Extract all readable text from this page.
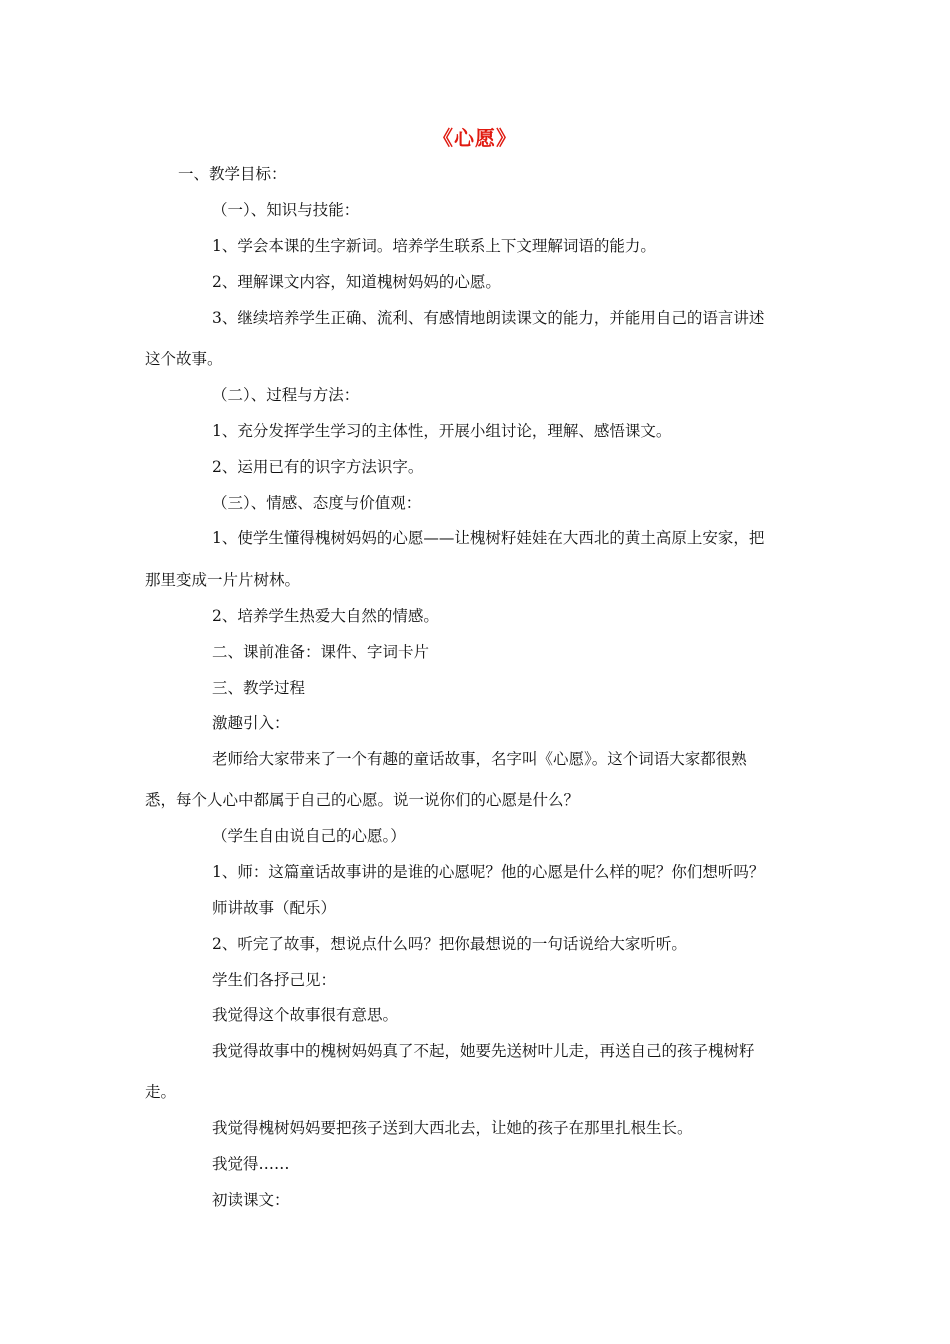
《心愿》
一、教学目标：
（一）、知识与技能：
1、学会本课的生字新词。培养学生联系上下文理解词语的能力。
2、理解课文内容，知道槐树妈妈的心愿。
3、继续培养学生正确、流利、有感情地朗读课文的能力，并能用自己的语言讲述
这个故事。
（二）、过程与方法：
1、充分发挥学生学习的主体性，开展小组讨论，理解、感悟课文。
2、运用已有的识字方法识字。
（三）、情感、态度与价值观：
1、使学生懂得槐树妈妈的心愿——让槐树籽娃娃在大西北的黄土高原上安家，把
那里变成一片片树林。
2、培养学生热爱大自然的情感。
二、课前准备：课件、字词卡片
三、教学过程
激趣引入：
老师给大家带来了一个有趣的童话故事，名字叫《心愿》。这个词语大家都很熟
悉，每个人心中都属于自己的心愿。说一说你们的心愿是什么？
（学生自由说自己的心愿。）
1、师：这篇童话故事讲的是谁的心愿呢？他的心愿是什么样的呢？你们想听吗？
师讲故事（配乐）
2、听完了故事，想说点什么吗？把你最想说的一句话说给大家听听。
学生们各抒己见：
我觉得这个故事很有意思。
我觉得故事中的槐树妈妈真了不起，她要先送树叶儿走，再送自己的孩子槐树籽
走。
我觉得槐树妈妈要把孩子送到大西北去，让她的孩子在那里扎根生长。
我觉得……
初读课文：
